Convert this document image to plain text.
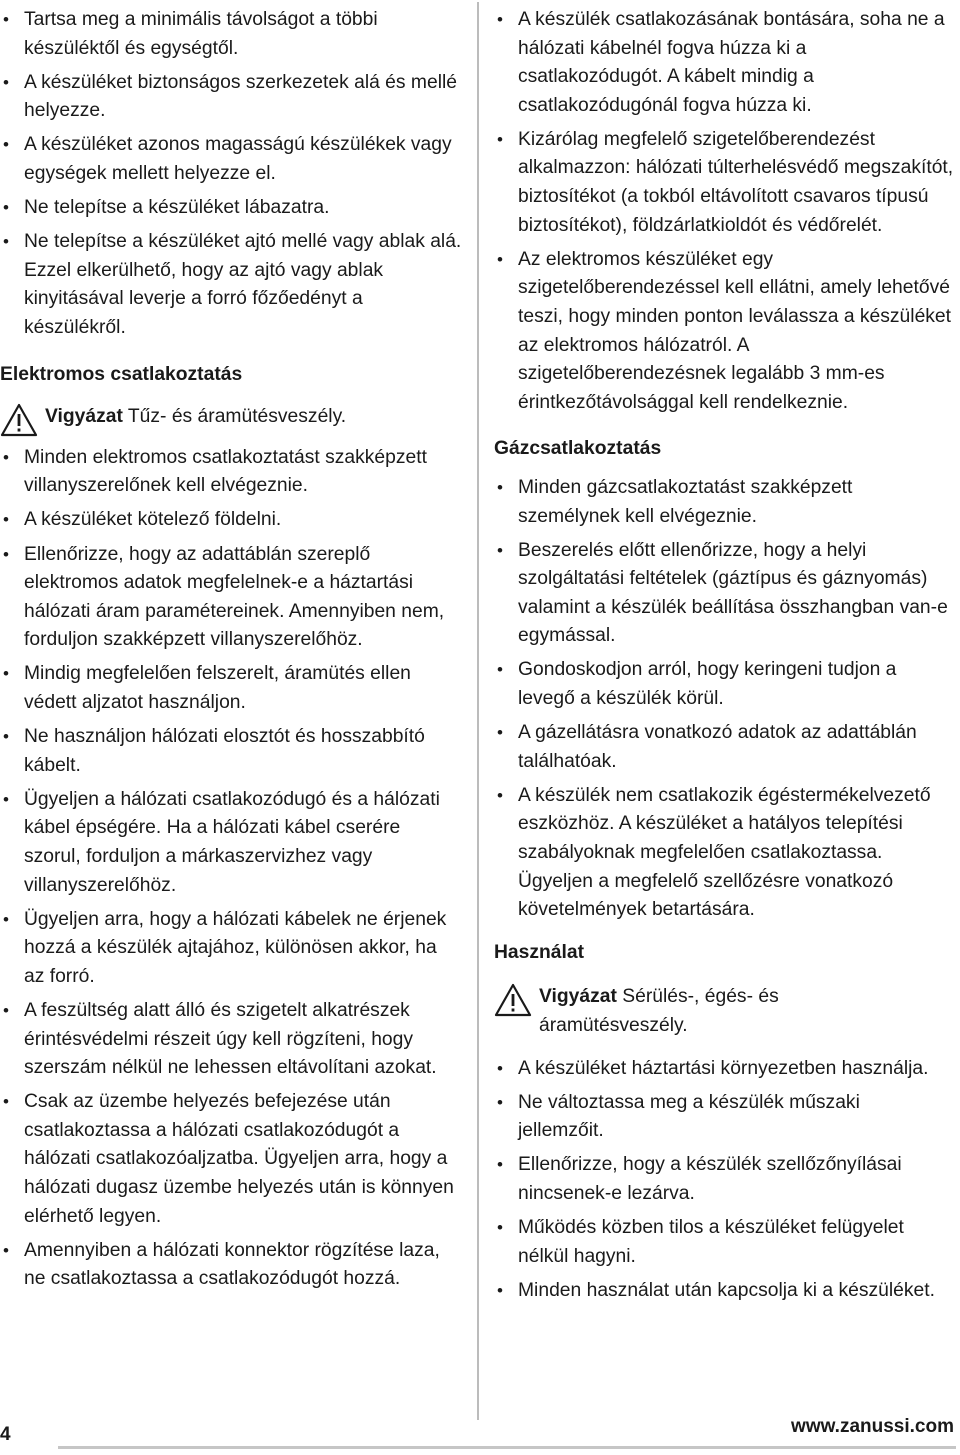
• Tartsa meg a minimális távolságot a többi készüléktől és egységtől.
• A készüléket biztonságos szerkezetek alá és mellé helyezze.
• A készüléket azonos magasságú készülékek vagy egységek mellett helyezze el.
• Ne telepítse a készüléket lábazatra.
• Ne telepítse a készüléket ajtó mellé vagy ablak alá. Ezzel elkerülhető, hogy az ajtó vagy ablak kinyitásával leverje a forró főzőedényt a készülékről.
Elektromos csatlakoztatás
Vigyázat Tűz- és áramütésveszély.
• Minden elektromos csatlakoztatást szakképzett villanyszerelőnek kell elvégeznie.
• A készüléket kötelező földelni.
• Ellenőrizze, hogy az adattáblán szereplő elektromos adatok megfelelnek-e a háztartási hálózati áram paramétereinek. Amennyiben nem, forduljon szakképzett villanyszerelőhöz.
• Mindig megfelelően felszerelt, áramütés ellen védett aljzatot használjon.
• Ne használjon hálózati elosztót és hosszabbító kábelt.
• Ügyeljen a hálózati csatlakozódugó és a hálózati kábel épségére. Ha a hálózati kábel cserére szorul, forduljon a márkaszervizhez vagy villanyszerelőhöz.
• Ügyeljen arra, hogy a hálózati kábelek ne érjenek hozzá a készülék ajtajához, különösen akkor, ha az forró.
• A feszültség alatt álló és szigetelt alkatrészek érintésvédelmi részeit úgy kell rögzíteni, hogy szerszám nélkül ne lehessen eltávolítani azokat.
• Csak az üzembe helyezés befejezése után csatlakoztassa a hálózati csatlakozódugót a hálózati csatlakozóaljzatba. Ügyeljen arra, hogy a hálózati dugasz üzembe helyezés után is könnyen elérhető legyen.
• Amennyiben a hálózati konnektor rögzítése laza, ne csatlakoztassa a csatlakozódugót hozzá.
• A készülék csatlakozásának bontására, soha ne a hálózati kábelnél fogva húzza ki a csatlakozódugót. A kábelt mindig a csatlakozódugónál fogva húzza ki.
• Kizárólag megfelelő szigetelőberendezést alkalmazzon: hálózati túlterhelésvédő megszakítót, biztosítékot (a tokból eltávolított csavaros típusú biztosítékot), földzárlatkioldót és védőrelét.
• Az elektromos készüléket egy szigetelőberendezéssel kell ellátni, amely lehetővé teszi, hogy minden ponton leválassza a készüléket az elektromos hálózatról. A szigetelőberendezésnek legalább 3 mm-es érintkezőtávolsággal kell rendelkeznie.
Gázcsatlakoztatás
• Minden gázcsatlakoztatást szakképzett személynek kell elvégeznie.
• Beszerelés előtt ellenőrizze, hogy a helyi szolgáltatási feltételek (gáztípus és gáznyomás) valamint a készülék beállítása összhangban van-e egymással.
• Gondoskodjon arról, hogy keringeni tudjon a levegő a készülék körül.
• A gázellátásra vonatkozó adatok az adattáblán találhatóak.
• A készülék nem csatlakozik égéstermékelvezető eszközhöz. A készüléket a hatályos telepítési szabályoknak megfelelően csatlakoztassa. Ügyeljen a megfelelő szellőzésre vonatkozó követelmények betartására.
Használat
Vigyázat Sérülés-, égés- és áramütésveszély.
• A készüléket háztartási környezetben használja.
• Ne változtassa meg a készülék műszaki jellemzőit.
• Ellenőrizze, hogy a készülék szellőzőnyílásai nincsenek-e lezárva.
• Működés közben tilos a készüléket felügyelet nélkül hagyni.
• Minden használat után kapcsolja ki a készüléket.
4	www.zanussi.com
